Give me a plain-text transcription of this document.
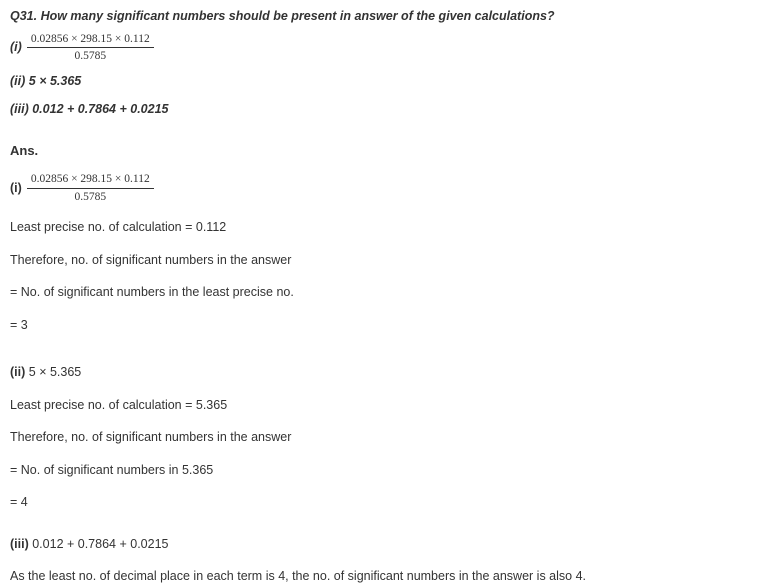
Q31. How many significant numbers should be present in answer of the given calculations?
$(i) \frac{0.02856 \times 298.15 \times 0.112}{0.5785}$
(ii) 5 × 5.365
(iii) 0.012 + 0.7864 + 0.0215
Ans.
$(i) \frac{0.02856 \times 298.15 \times 0.112}{0.5785}$
Least precise no. of calculation = 0.112
Therefore, no. of significant numbers in the answer
= No. of significant numbers in the least precise no.
= 3
(ii) 5 × 5.365
Least precise no. of calculation = 5.365
Therefore, no. of significant numbers in the answer
= No. of significant numbers in 5.365
= 4
(iii) 0.012 + 0.7864 + 0.0215
As the least no. of decimal place in each term is 4, the no. of significant numbers in the answer is also 4.
